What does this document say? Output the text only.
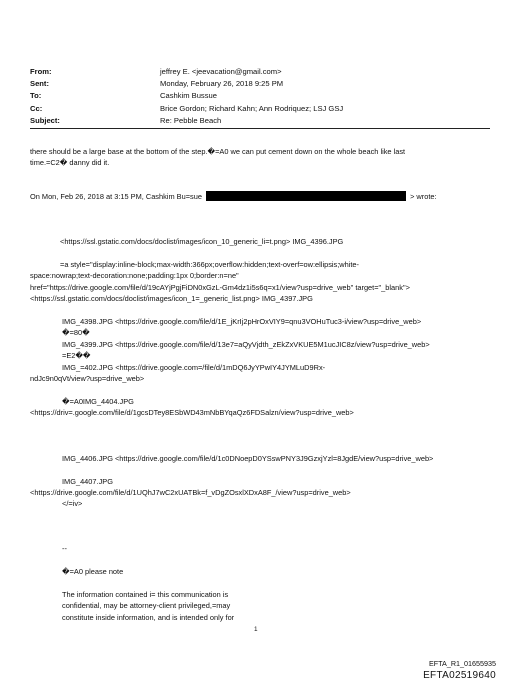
From:	jeffrey E. <jeevacation@gmail.com>
Sent:	Monday, February 26, 2018 9:25 PM
To:	Cashkim Bussue
Cc:	Brice Gordon; Richard Kahn; Ann Rodriquez; LSJ GSJ
Subject:	Re: Pebble Beach
there should be a large base at the bottom of the step.�=A0 we can put cement down on the whole beach like last
time.=C2� danny did it.
On Mon, Feb 26, 2018 at 3:15 PM, Cashkim Bu=sue	> wrote:
<https://ssl.gstatic.com/docs/doclist/images/icon_10_generic_li=t.png> IMG_4396.JPG
=a style="display:inline-block;max-width:366px;overflow:hidden;text-overf=ow:ellipsis;white-
space:nowrap;text-decoration:none;padding:1px 0;border:n=ne"
href="https://drive.google.com/file/d/19cAYjPgjFiDN0xGzL-Gm4dz1i5s6q=x1/view?usp=drive_web" target="_blank">
<https://ssl.gstatic.com/docs/doclist/images/icon_1=_generic_list.png> IMG_4397.JPG
IMG_4398.JPG <https://drive.google.com/file/d/1E_jKrIj2pHrOxVIY9=qnu3VOHuTuc3-i/view?usp=drive_web>
�=80�
IMG_4399.JPG <https://drive.google.com/file/d/13e7=aQyVjdth_zEkZxVKUE5M1ucJIC8z/view?usp=drive_web>
=E2��
IMG_=402.JPG <https://drive.google.com=/file/d/1mDQ6JyYPwIY4JYMLuD9Rx-
ndJc9n0qVt/view?usp=drive_web>
�=A0IMG_4404.JPG
<https://driv=.google.com/file/d/1gcsDTey8ESbWD43mNbBYqaQz6FDSalzn/view?usp=drive_web>
IMG_4406.JPG <https://drive.google.com/file/d/1c0DNoepD0YSswPNY3J9GzxjYzl=8JgdE/view?usp=drive_web>
IMG_4407.JPG
<https://drive.google.com/file/d/1UQhJ7wC2xUATBk=f_vDgZOsxlXDxA8F_/view?usp=drive_web>
</=iv>
--
�=A0 please note
The information contained i= this communication is
confidential, may be attorney-client privileged,=may
constitute inside information, and is intended only for
1
EFTA_R1_01655935
EFTA02519640
